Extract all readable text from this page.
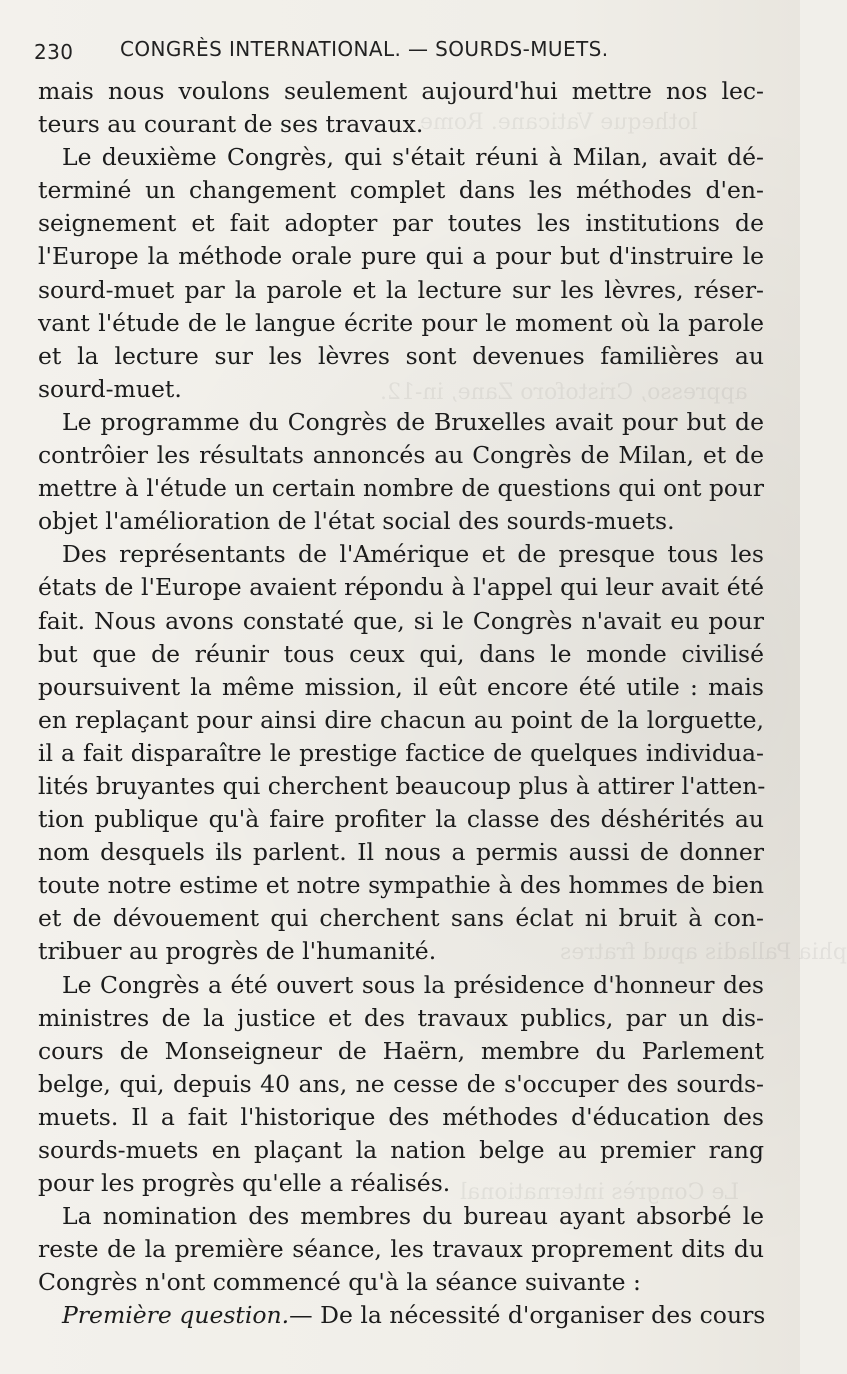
lotheque Vaticane. Rome
appresso, Cristoforo Zane, in-12.
phia Palladis apud fratres
Le Congrès international
230 CONGRÈS INTERNATIONAL. — SOURDS-MUETS.
mais nous voulons seulement aujourd'hui mettre nos lec-
teurs au courant de ses travaux.
Le deuxième Congrès, qui s'était réuni à Milan, avait dé-
terminé un changement complet dans les méthodes d'en-
seignement et fait adopter par toutes les institutions de
l'Europe la méthode orale pure qui a pour but d'instruire le
sourd-muet par la parole et la lecture sur les lèvres, réser-
vant l'étude de le langue écrite pour le moment où la parole
et la lecture sur les lèvres sont devenues familières au
sourd-muet.
Le programme du Congrès de Bruxelles avait pour but de
contrôier les résultats annoncés au Congrès de Milan, et de
mettre à l'étude un certain nombre de questions qui ont pour
objet l'amélioration de l'état social des sourds-muets.
Des représentants de l'Amérique et de presque tous les
états de l'Europe avaient répondu à l'appel qui leur avait été
fait. Nous avons constaté que, si le Congrès n'avait eu pour
but que de réunir tous ceux qui, dans le monde civilisé
poursuivent la même mission, il eût encore été utile : mais
en replaçant pour ainsi dire chacun au point de la lorguette,
il a fait disparaître le prestige factice de quelques individua-
lités bruyantes qui cherchent beaucoup plus à attirer l'atten-
tion publique qu'à faire profiter la classe des déshérités au
nom desquels ils parlent. Il nous a permis aussi de donner
toute notre estime et notre sympathie à des hommes de bien
et de dévouement qui cherchent sans éclat ni bruit à con-
tribuer au progrès de l'humanité.
Le Congrès a été ouvert sous la présidence d'honneur des
ministres de la justice et des travaux publics, par un dis-
cours de Monseigneur de Haërn, membre du Parlement
belge, qui, depuis 40 ans, ne cesse de s'occuper des sourds-
muets. Il a fait l'historique des méthodes d'éducation des
sourds-muets en plaçant la nation belge au premier rang
pour les progrès qu'elle a réalisés.
La nomination des membres du bureau ayant absorbé le
reste de la première séance, les travaux proprement dits du
Congrès n'ont commencé qu'à la séance suivante :
Première question.— De la nécessité d'organiser des cours
